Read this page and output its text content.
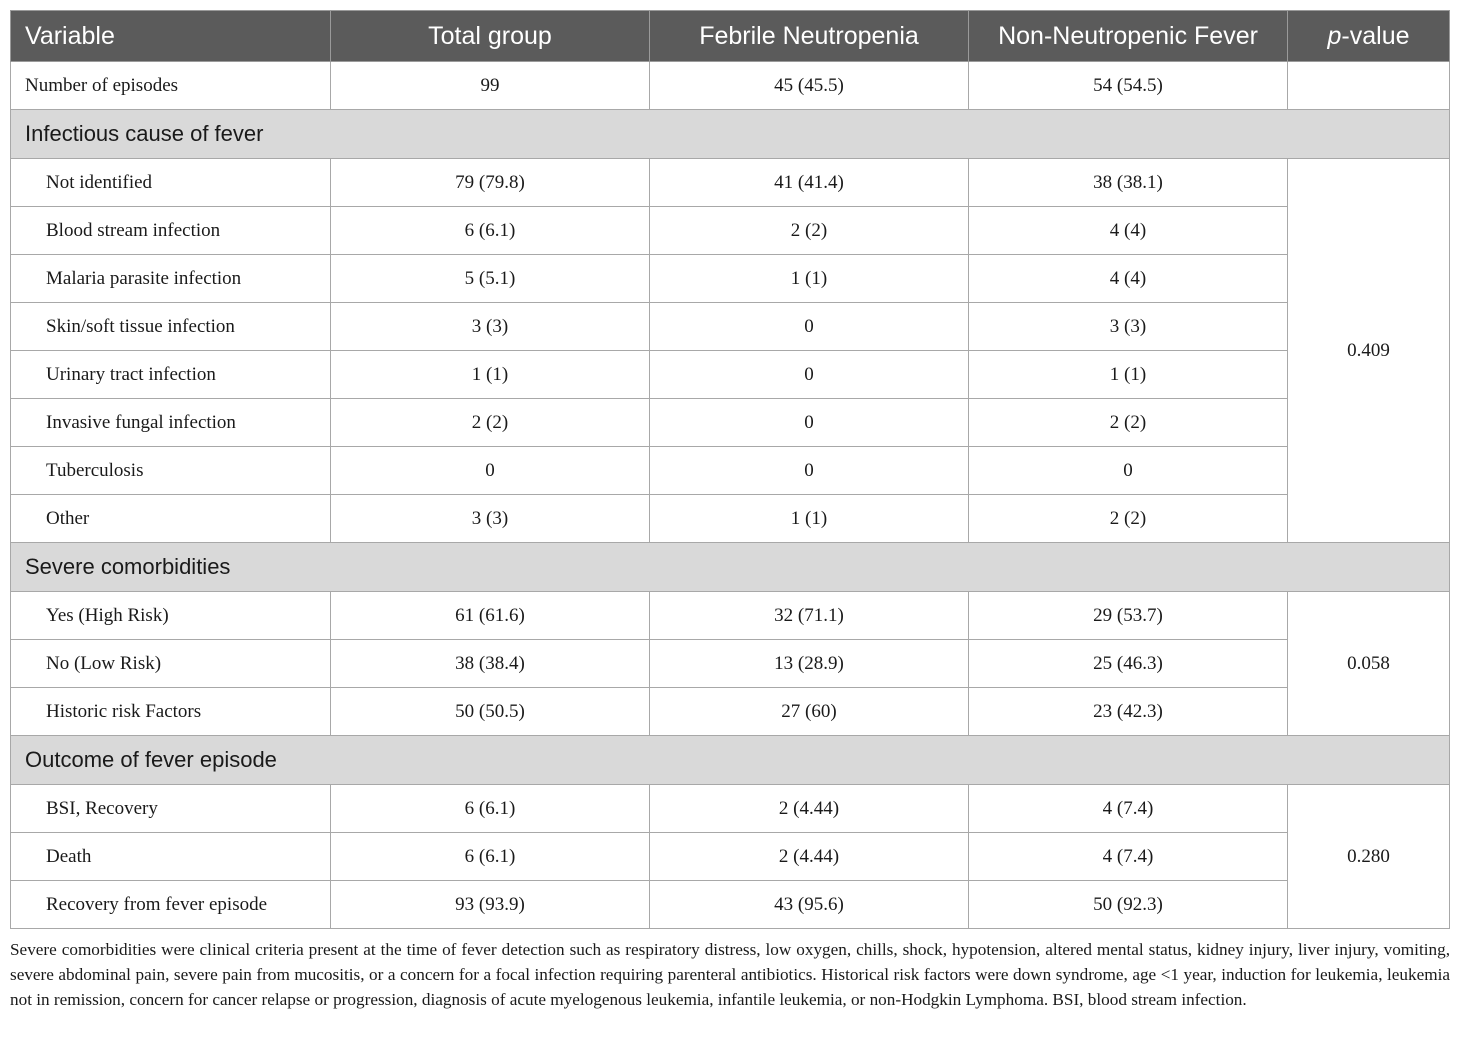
Variable	Total group	Febrile Neutropenia	Non-Neutropenic Fever	p-value
Number of episodes	99	45 (45.5)	54 (54.5)	
Infectious cause of fever				
Not identified	79 (79.8)	41 (41.4)	38 (38.1)	0.409
Blood stream infection	6 (6.1)	2 (2)	4 (4)	
Malaria parasite infection	5 (5.1)	1 (1)	4 (4)	
Skin/soft tissue infection	3 (3)	0	3 (3)	
Urinary tract infection	1 (1)	0	1 (1)	
Invasive fungal infection	2 (2)	0	2 (2)	
Tuberculosis	0	0	0	
Other	3 (3)	1 (1)	2 (2)	
Severe comorbidities				
Yes (High Risk)	61 (61.6)	32 (71.1)	29 (53.7)	0.058
No (Low Risk)	38 (38.4)	13 (28.9)	25 (46.3)	
Historic risk Factors	50 (50.5)	27 (60)	23 (42.3)	
Outcome of fever episode				
BSI, Recovery	6 (6.1)	2 (4.44)	4 (7.4)	0.280
Death	6 (6.1)	2 (4.44)	4 (7.4)	
Recovery from fever episode	93 (93.9)	43 (95.6)	50 (92.3)	
Severe comorbidities were clinical criteria present at the time of fever detection such as respiratory distress, low oxygen, chills, shock, hypotension, altered mental status, kidney injury, liver injury, vomiting, severe abdominal pain, severe pain from mucositis, or a concern for a focal infection requiring parenteral antibiotics. Historical risk factors were down syndrome, age <1 year, induction for leukemia, leukemia not in remission, concern for cancer relapse or progression, diagnosis of acute myelogenous leukemia, infantile leukemia, or non-Hodgkin Lymphoma. BSI, blood stream infection.
